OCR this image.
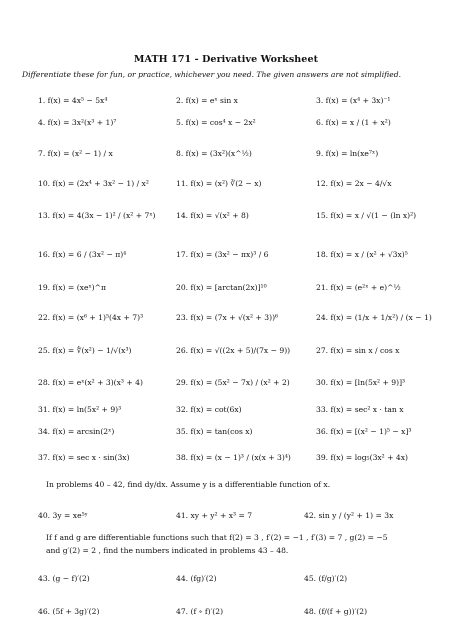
MATH 171 - Derivative Worksheet
Differentiate these for fun, or practice, whichever you need. The given answers are not simplified.
1. f(x) = 4x⁵ − 5x⁴	2. f(x) = eˣ sin x	3. f(x) = (x⁴ + 3x)⁻¹
4. f(x) = 3x²(x³ + 1)⁷	5. f(x) = cos⁴ x − 2x²	6. f(x) = x / (1 + x²)
7. f(x) = (x² − 1) / x	8. f(x) = (3x²)(x^½)	9. f(x) = ln(xe⁷ˣ)
10. f(x) = (2x⁴ + 3x² − 1) / x²	11. f(x) = (x²) ∛(2 − x)	12. f(x) = 2x − 4/√x
13. f(x) = 4(3x − 1)² / (x² + 7ˣ)	14. f(x) = √(x² + 8)	15. f(x) = x / √(1 − (ln x)²)
16. f(x) = 6 / (3x² − π)⁴	17. f(x) = (3x² − πx)³ / 6	18. f(x) = x / (x² + √3x)⁵
19. f(x) = (xeˣ)^π	20. f(x) = [arctan(2x)]¹⁰	21. f(x) = (e²ˣ + e)^½
22. f(x) = (x⁶ + 1)⁵(4x + 7)³	23. f(x) = (7x + √(x² + 3))⁶	24. f(x) = (1/x + 1/x²) / (x − 1)
25. f(x) = ∜(x²) − 1/√(x³)	26. f(x) = √((2x + 5)/(7x − 9))	27. f(x) = sin x / cos x
28. f(x) = eˣ(x² + 3)(x³ + 4)	29. f(x) = (5x² − 7x) / (x² + 2)	30. f(x) = [ln(5x² + 9)]³
31. f(x) = ln(5x² + 9)³	32. f(x) = cot(6x)	33. f(x) = sec² x · tan x
34. f(x) = arcsin(2ˣ)	35. f(x) = tan(cos x)	36. f(x) = [(x² − 1)⁵ − x]³
37. f(x) = sec x · sin(3x)	38. f(x) = (x − 1)³ / (x(x + 3)⁴)	39. f(x) = log₅(3x² + 4x)
In problems 40 – 42, find dy/dx. Assume y is a differentiable function of x.
40. 3y = xe⁵ʸ	41. xy + y² + x³ = 7	42. sin y / (y² + 1) = 3x
If f and g are differentiable functions such that f(2) = 3 , f′(2) = −1 , f′(3) = 7 , g(2) = −5
and g′(2) = 2 , find the numbers indicated in problems 43 – 48.
43. (g − f)′(2)	44. (fg)′(2)	45. (f/g)′(2)
46. (5f + 3g)′(2)	47. (f ∘ f)′(2)	48. (f/(f + g))′(2)
